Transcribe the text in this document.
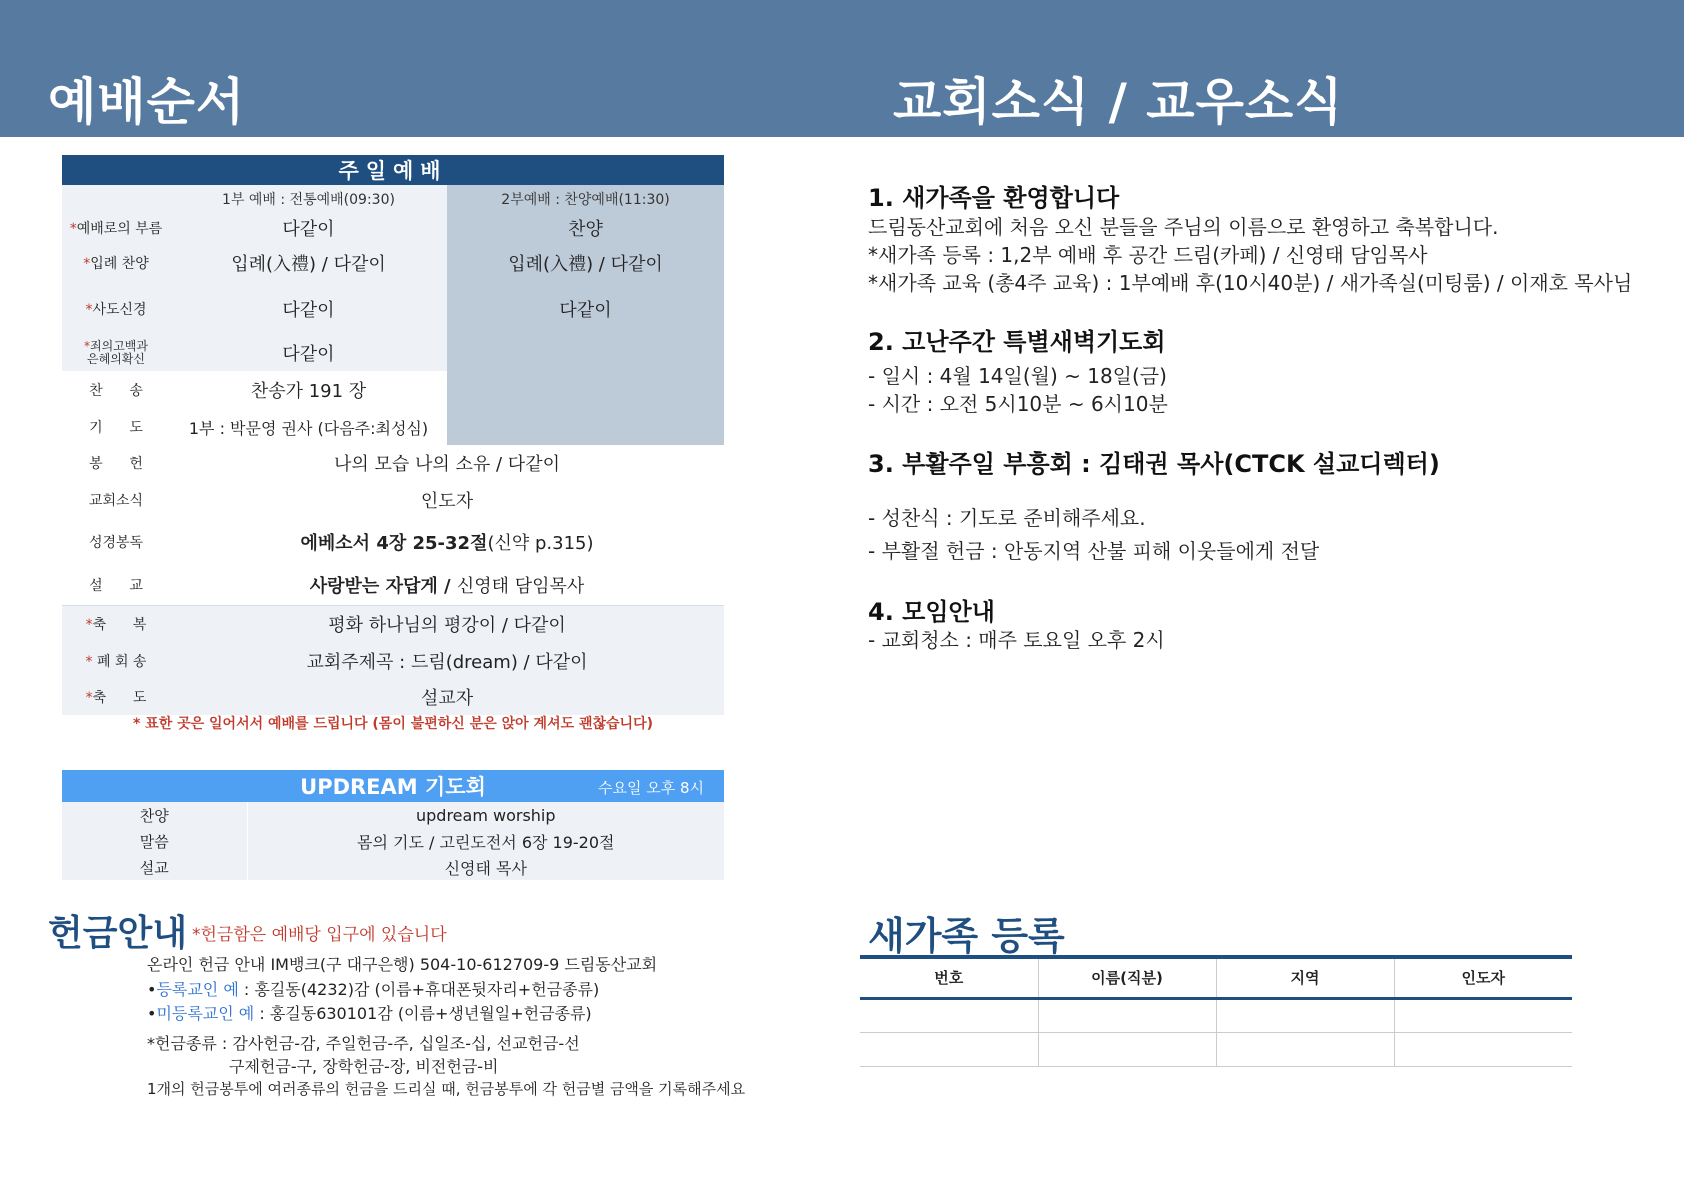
예배순서	교회소식 / 교우소식
주일예배		
	1부 예배 : 전통예배(09:30)	2부예배 : 찬양예배(11:30)
*예배로의 부름	다같이	찬양
*입례 찬양	입례(入禮) / 다같이	입례(入禮) / 다같이
*사도신경	다같이	다같이
*죄의고백과
은혜의확신	다같이	
찬      송	찬송가 191 장	
기      도	1부 : 박문영 권사 (다음주:최성심)	
봉      헌	나의 모습 나의 소유 / 다같이	
교회소식	인도자	
성경봉독	에베소서 4장 25-32절(신약 p.315)	
설      교	사랑받는 자답게 / 신영태 담임목사	
*축      복	평화 하나님의 평강이 / 다같이	
* 폐 회 송	교회주제곡 : 드림(dream) / 다같이	
*축      도	설교자	
* 표한 곳은 일어서서 예배를 드립니다 (몸이 불편하신 분은 앉아 계셔도 괜찮습니다)
UPDREAM 기도회 수요일 오후 8시	

찬양	updream worship
말씀	몸의 기도 / 고린도전서 6장 19-20절
설교	신영태 목사
헌금안내 *헌금함은 예배당 입구에 있습니다
온라인 헌금 안내 IM뱅크(구 대구은행) 504-10-612709-9 드림동산교회
•등록교인 예 : 홍길동(4232)감 (이름+휴대폰뒷자리+헌금종류)
•미등록교인 예 : 홍길동630101감 (이름+생년월일+헌금종류)
*헌금종류 : 감사헌금-감, 주일헌금-주, 십일조-십, 선교헌금-선
구제헌금-구, 장학헌금-장, 비전헌금-비
1개의 헌금봉투에 여러종류의 헌금을 드리실 때, 헌금봉투에 각 헌금별 금액을 기록해주세요
1. 새가족을 환영합니다
드림동산교회에 처음 오신 분들을 주님의 이름으로 환영하고 축복합니다.
*새가족 등록 : 1,2부 예배 후 공간 드림(카페) / 신영태 담임목사
*새가족 교육 (총4주 교육) : 1부예배 후(10시40분) / 새가족실(미팅룸) / 이재호 목사님
2. 고난주간 특별새벽기도회
- 일시 : 4월 14일(월) ~ 18일(금)
- 시간 : 오전 5시10분 ~ 6시10분
3. 부활주일 부흥회 : 김태권 목사(CTCK 설교디렉터)
- 성찬식 : 기도로 준비해주세요.
- 부활절 헌금 : 안동지역 산불 피해 이웃들에게 전달
4. 모임안내
- 교회청소 : 매주 토요일 오후 2시
새가족 등록
번호	이름(직분)	지역	인도자
